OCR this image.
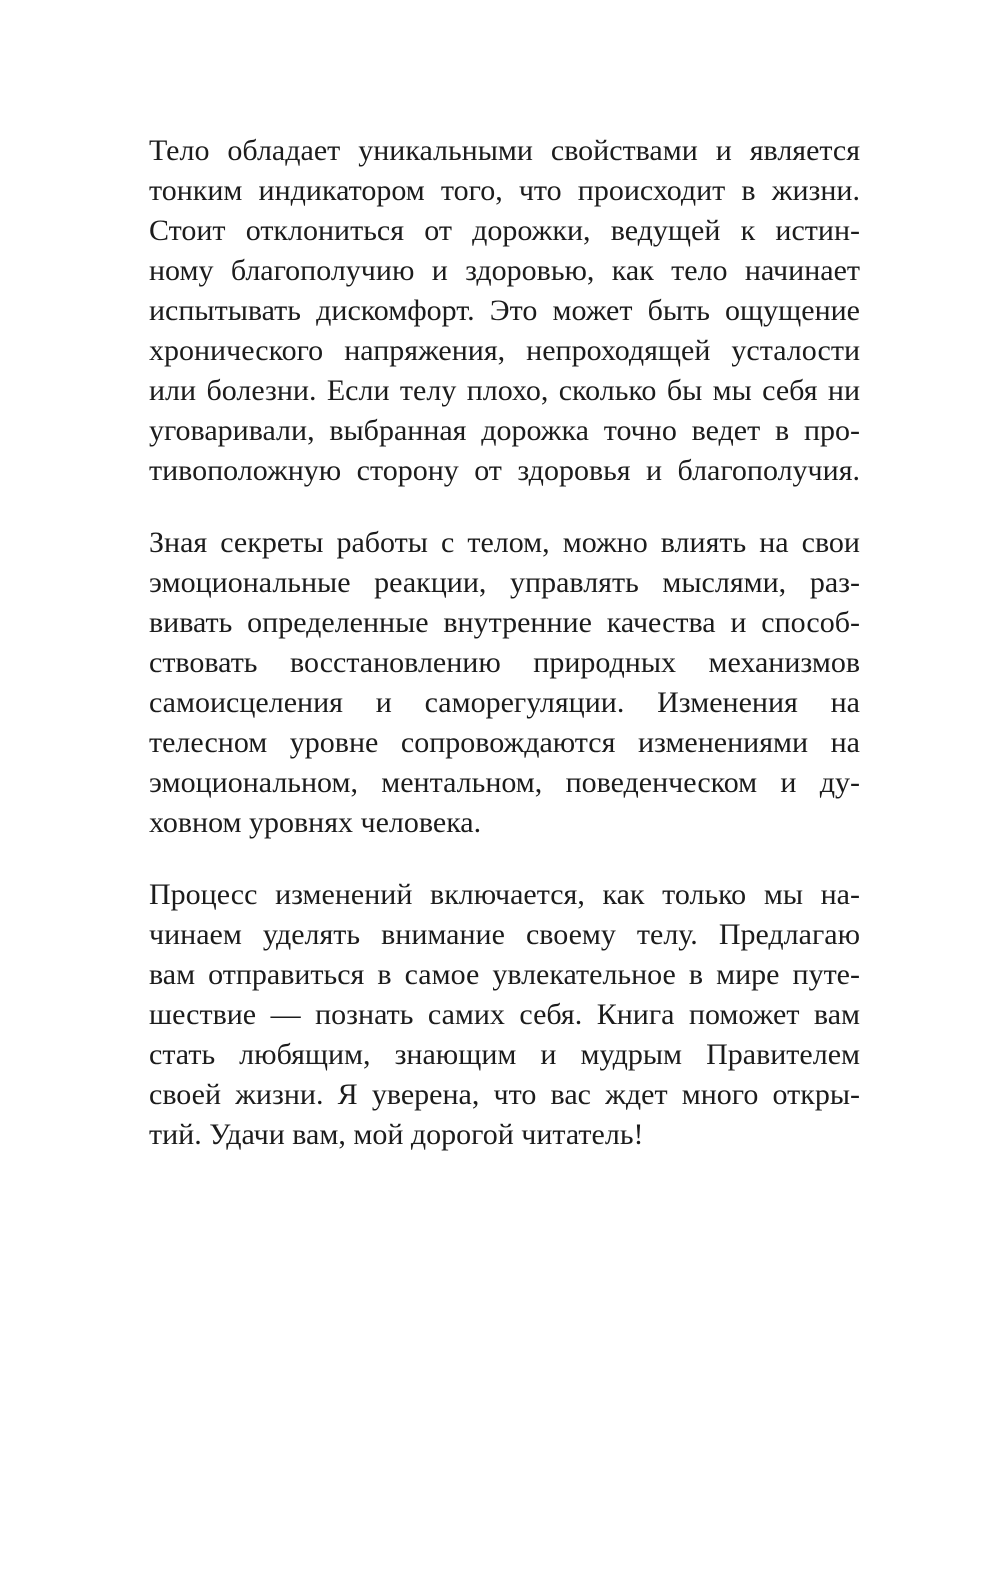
Тело обладает уникальными свойствами и является
тонким индикатором того, что происходит в жизни.
Стоит отклониться от дорожки, ведущей к истин-
ному благополучию и здоровью, как тело начинает
испытывать дискомфорт. Это может быть ощущение
хронического напряжения, непроходящей усталости
или болезни. Если телу плохо, сколько бы мы себя ни
уговаривали, выбранная дорожка точно ведет в про-
тивоположную сторону от здоровья и благополучия.

Зная секреты работы с телом, можно влиять на свои
эмоциональные реакции, управлять мыслями, раз-
вивать определенные внутренние качества и способ-
ствовать восстановлению природных механизмов
самоисцеления и саморегуляции. Изменения на
телесном уровне сопровождаются изменениями на
эмоциональном, ментальном, поведенческом и ду-
ховном уровнях человека.

Процесс изменений включается, как только мы на-
чинаем уделять внимание своему телу. Предлагаю
вам отправиться в самое увлекательное в мире путе-
шествие — познать самих себя. Книга поможет вам
стать любящим, знающим и мудрым Правителем
своей жизни. Я уверена, что вас ждет много откры-
тий. Удачи вам, мой дорогой читатель!
